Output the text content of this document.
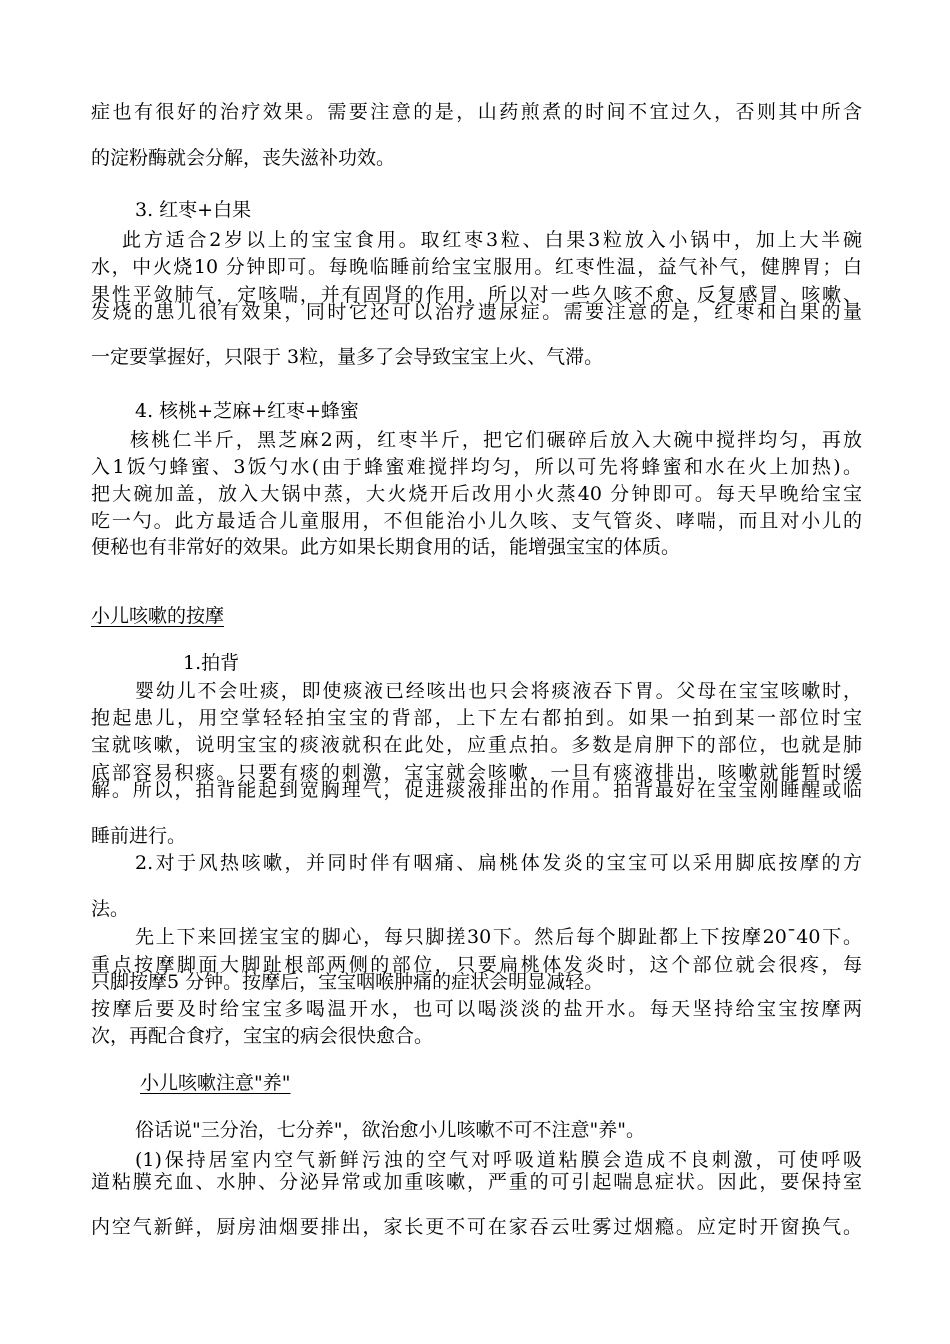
症也有很好的治疗效果。需要注意的是，山药煎煮的时间不宜过久，否则其中所含
的淀粉酶就会分解，丧失滋补功效。
3. 红枣+白果
此方适合2岁以上的宝宝食用。取红枣3粒、白果3粒放入小锅中，加上大半碗
水，中火烧10 分钟即可。每晚临睡前给宝宝服用。红枣性温，益气补气，健脾胃；白
果性平敛肺气，定咳喘，并有固肾的作用，所以对一些久咳不愈、反复感冒、咳嗽、
发烧的患儿很有效果，同时它还可以治疗遗尿症。需要注意的是，红枣和白果的量
一定要掌握好，只限于 3粒，量多了会导致宝宝上火、气滞。
4. 核桃+芝麻+红枣+蜂蜜
核桃仁半斤，黑芝麻2两，红枣半斤，把它们碾碎后放入大碗中搅拌均匀，再放
入1饭勺蜂蜜、3饭勺水(由于蜂蜜难搅拌均匀，所以可先将蜂蜜和水在火上加热)。
把大碗加盖，放入大锅中蒸，大火烧开后改用小火蒸40 分钟即可。每天早晚给宝宝
吃一勺。此方最适合儿童服用，不但能治小儿久咳、支气管炎、哮喘，而且对小儿的
便秘也有非常好的效果。此方如果长期食用的话，能增强宝宝的体质。
小儿咳嗽的按摩
1.拍背
婴幼儿不会吐痰，即使痰液已经咳出也只会将痰液吞下胃。父母在宝宝咳嗽时，
抱起患儿，用空掌轻轻拍宝宝的背部，上下左右都拍到。如果一拍到某一部位时宝
宝就咳嗽，说明宝宝的痰液就积在此处，应重点拍。多数是肩胛下的部位，也就是肺
底部容易积痰。只要有痰的刺激，宝宝就会咳嗽，一旦有痰液排出，咳嗽就能暂时缓
解。所以，拍背能起到宽胸理气，促进痰液排出的作用。拍背最好在宝宝刚睡醒或临
睡前进行。
2.对于风热咳嗽，并同时伴有咽痛、扁桃体发炎的宝宝可以采用脚底按摩的方
法。
先上下来回搓宝宝的脚心，每只脚搓30下。然后每个脚趾都上下按摩20ˉ40下。
重点按摩脚面大脚趾根部两侧的部位，只要扁桃体发炎时，这个部位就会很疼，每
只脚按摩5 分钟。按摩后，宝宝咽喉肿痛的症状会明显减轻。
按摩后要及时给宝宝多喝温开水，也可以喝淡淡的盐开水。每天坚持给宝宝按摩两
次，再配合食疗，宝宝的病会很快愈合。
小儿咳嗽注意"养"
俗话说"三分治，七分养"，欲治愈小儿咳嗽不可不注意"养"。
(1)保持居室内空气新鲜污浊的空气对呼吸道粘膜会造成不良刺激，可使呼吸
道粘膜充血、水肿、分泌异常或加重咳嗽，严重的可引起喘息症状。因此，要保持室
内空气新鲜，厨房油烟要排出，家长更不可在家吞云吐雾过烟瘾。应定时开窗换气。
